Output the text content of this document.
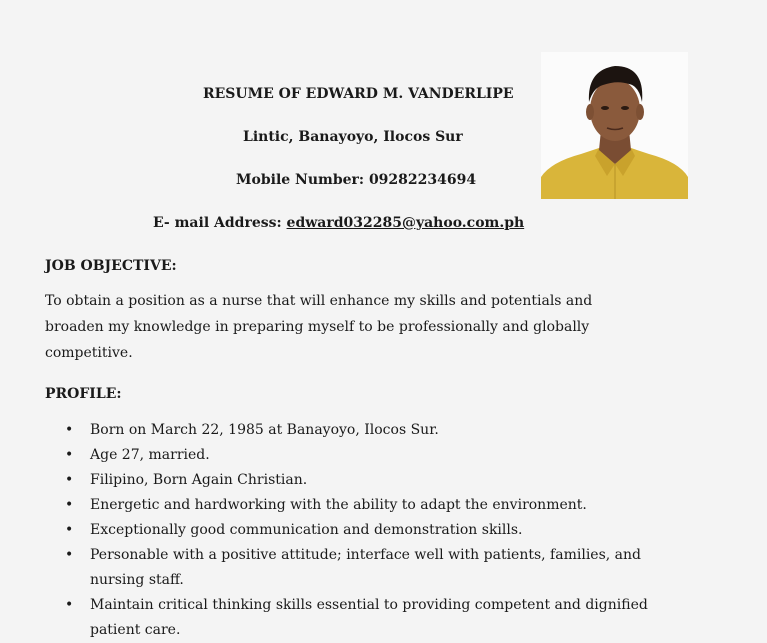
RESUME OF EDWARD M. VANDERLIPE
Lintic, Banayoyo, Ilocos Sur
Mobile Number: 09282234694
E- mail Address: edward032285@yahoo.com.ph
JOB OBJECTIVE:
To obtain a position as a nurse that will enhance my skills and potentials and
broaden my knowledge in preparing myself to be professionally and globally
competitive.
PROFILE:
• Born on March 22, 1985 at Banayoyo, Ilocos Sur.
• Age 27, married.
• Filipino, Born Again Christian.
• Energetic and hardworking with the ability to adapt the environment.
• Exceptionally good communication and demonstration skills.
• Personable with a positive attitude; interface well with patients, families, and
nursing staff.
• Maintain critical thinking skills essential to providing competent and dignified
patient care.
